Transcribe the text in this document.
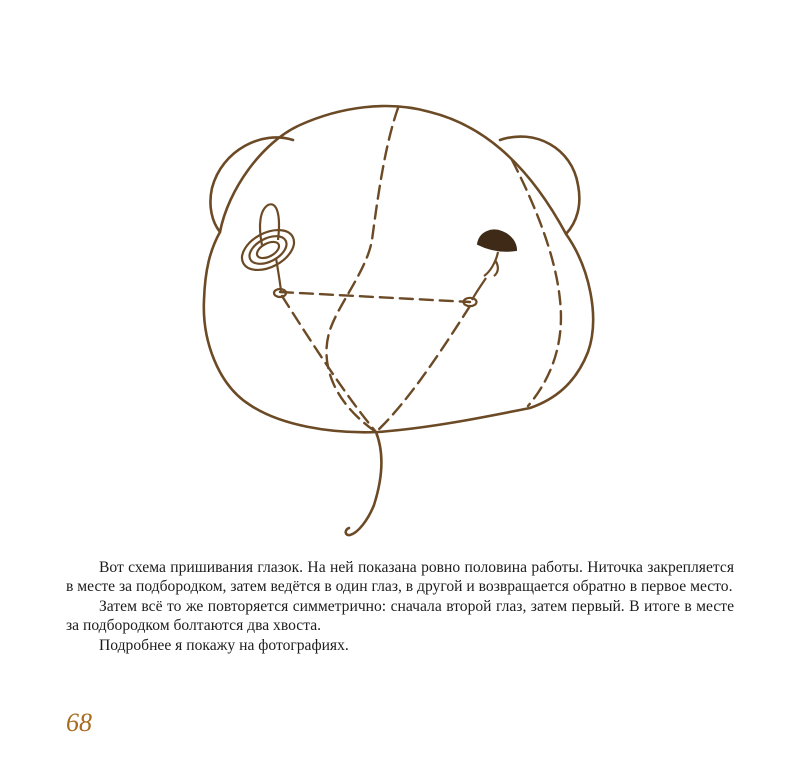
Вот схема пришивания глазок. На ней показана ровно половина работы. Ниточка закрепляется в месте за подбородком, затем ведётся в один глаз, в другой и возвращается обратно в первое место.

Затем всё то же повторяется симметрично: сначала второй глаз, затем первый. В итоге в месте за подбородком болтаются два хвоста.

Подробнее я покажу на фотографиях.

68
